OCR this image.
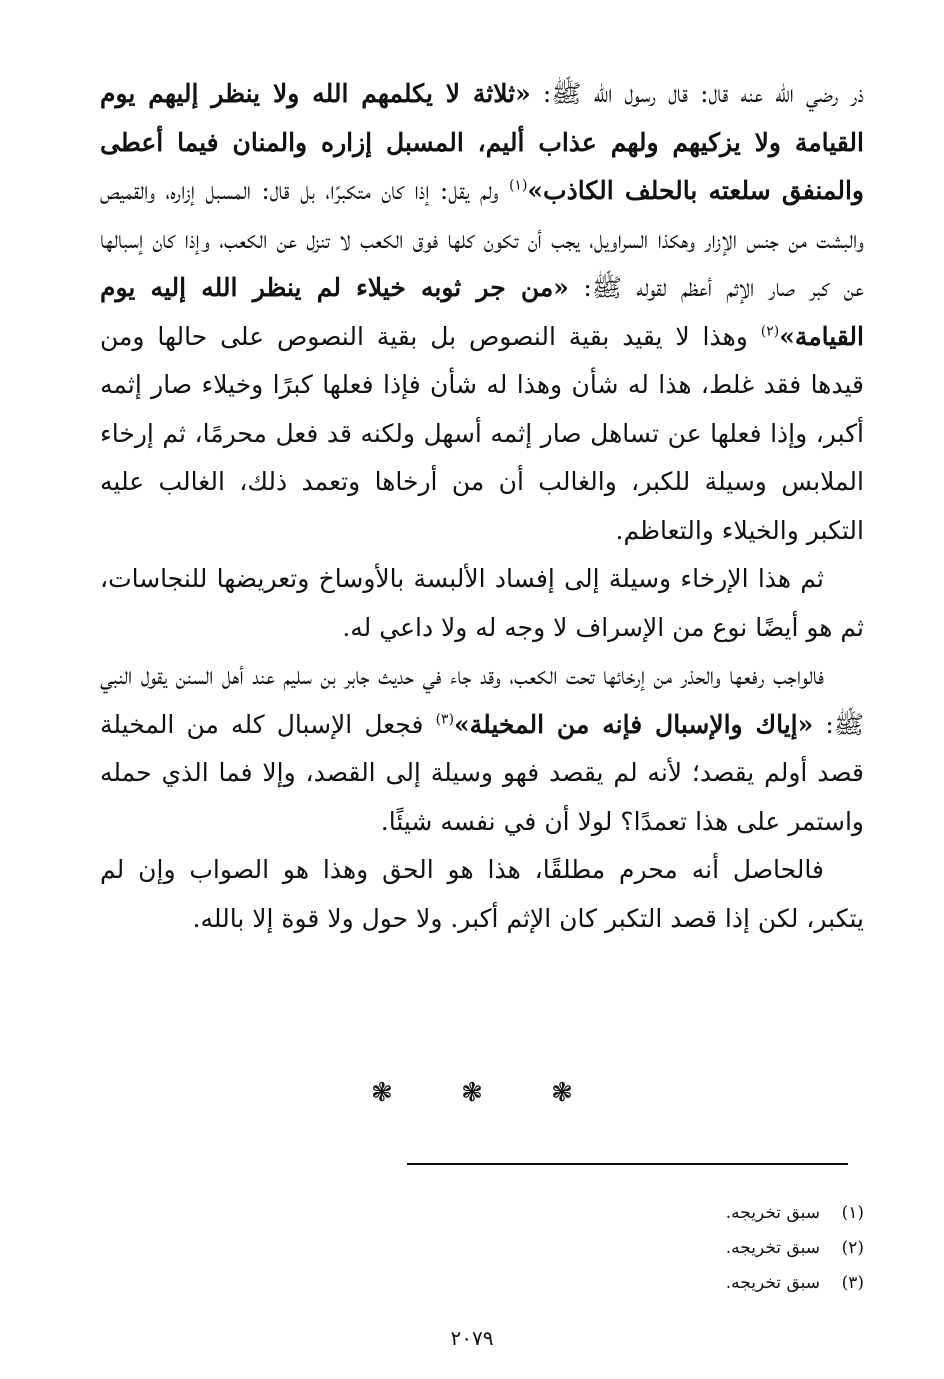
ذر رضي الله عنه قال: قال رسول الله ﷺ: «ثلاثة لا يكلمهم الله ولا ينظر إليهم يوم القيامة ولا يزكيهم ولهم عذاب أليم، المسبل إزاره والمنان فيما أعطى والمنفق سلعته بالحلف الكاذب»$^{(١)}$ ولم يقل: إذا كان متكبرًا، بل قال: المسبل إزاره، والقميص والبشت من جنس الإزار وهكذا السراويل، يجب أن تكون كلها فوق الكعب لا تنزل عن الكعب، وإذا كان إسبالها عن كبر صار الإثم أعظم لقوله ﷺ: «من جر ثوبه خيلاء لم ينظر الله إليه يوم القيامة»$^{(٢)}$ وهذا لا يقيد بقية النصوص بل بقية النصوص على حالها ومن قيدها فقد غلط، هذا له شأن وهذا له شأن فإذا فعلها كبرًا وخيلاء صار إثمه أكبر، وإذا فعلها عن تساهل صار إثمه أسهل ولكنه قد فعل محرمًا، ثم إرخاء الملابس وسيلة للكبر، والغالب أن من أرخاها وتعمد ذلك، الغالب عليه التكبر والخيلاء والتعاظم.

ثم هذا الإرخاء وسيلة إلى إفساد الألبسة بالأوساخ وتعريضها للنجاسات، ثم هو أيضًا نوع من الإسراف لا وجه له ولا داعي له.

فالواجب رفعها والحذر من إرخائها تحت الكعب، وقد جاء في حديث جابر بن سليم عند أهل السنن يقول النبي ﷺ: «إياك والإسبال فإنه من المخيلة»$^{(٣)}$ فجعل الإسبال كله من المخيلة قصد أولم يقصد؛ لأنه لم يقصد فهو وسيلة إلى القصد، وإلا فما الذي حمله واستمر على هذا تعمدًا؟ لولا أن في نفسه شيئًا.

فالحاصل أنه محرم مطلقًا، هذا هو الحق وهذا هو الصواب وإن لم يتكبر، لكن إذا قصد التكبر كان الإثم أكبر. ولا حول ولا قوة إلا بالله.

❃	❃	❃
(١)سبق تخريجه.
(٢)سبق تخريجه.
(٣)سبق تخريجه.
٢٠٧٩
